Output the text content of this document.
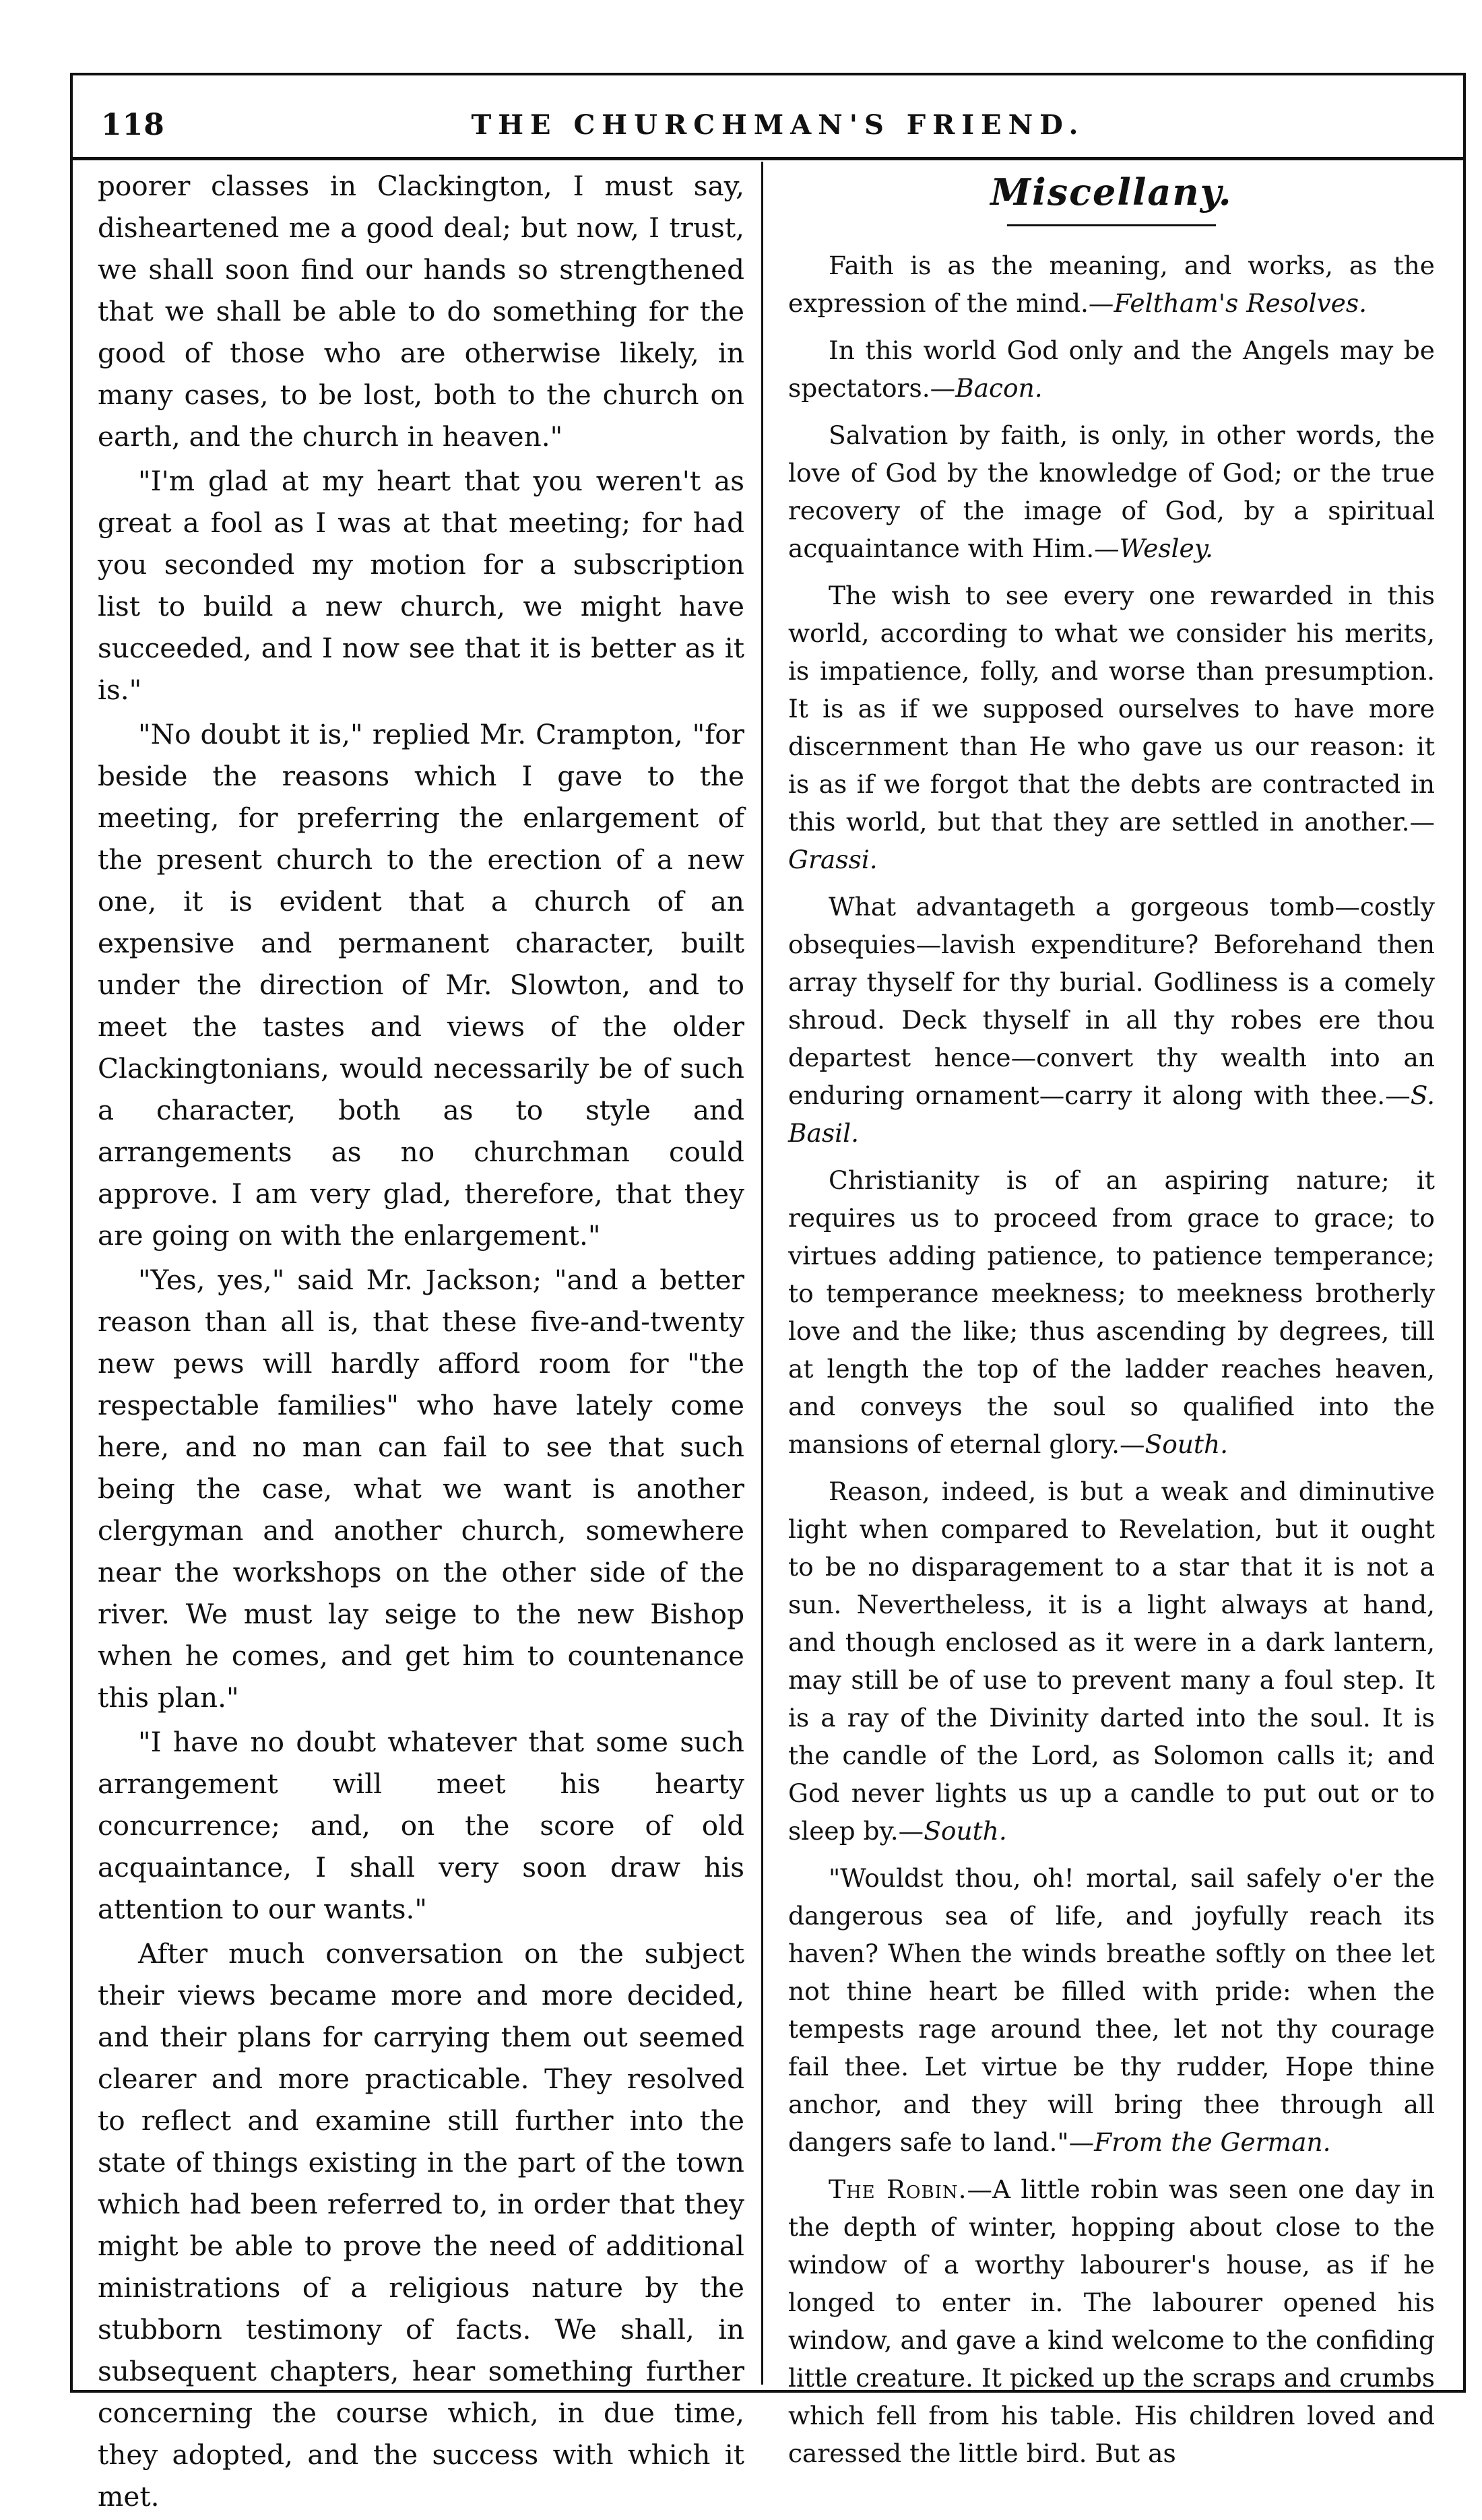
118	THE CHURCHMAN'S FRIEND.

poorer classes in Clackington, I must say, disheartened me a good deal; but now, I trust, we shall soon find our hands so strengthened that we shall be able to do something for the good of those who are otherwise likely, in many cases, to be lost, both to the church on earth, and the church in heaven."

"I'm glad at my heart that you weren't as great a fool as I was at that meeting; for had you seconded my motion for a subscription list to build a new church, we might have succeeded, and I now see that it is better as it is."

"No doubt it is," replied Mr. Crampton, "for beside the reasons which I gave to the meeting, for preferring the enlargement of the present church to the erection of a new one, it is evident that a church of an expensive and permanent character, built under the direction of Mr. Slowton, and to meet the tastes and views of the older Clackingtonians, would necessarily be of such a character, both as to style and arrangements as no churchman could approve. I am very glad, therefore, that they are going on with the enlargement."

"Yes, yes," said Mr. Jackson; "and a better reason than all is, that these five-and-twenty new pews will hardly afford room for "the respectable families" who have lately come here, and no man can fail to see that such being the case, what we want is another clergyman and another church, somewhere near the workshops on the other side of the river. We must lay seige to the new Bishop when he comes, and get him to countenance this plan."

"I have no doubt whatever that some such arrangement will meet his hearty concurrence; and, on the score of old acquaintance, I shall very soon draw his attention to our wants."

After much conversation on the subject their views became more and more decided, and their plans for carrying them out seemed clearer and more practicable. They resolved to reflect and examine still further into the state of things existing in the part of the town which had been referred to, in order that they might be able to prove the need of additional ministrations of a religious nature by the stubborn testimony of facts. We shall, in subsequent chapters, hear something further concerning the course which, in due time, they adopted, and the success with which it met.

Miscellany.

Faith is as the meaning, and works, as the expression of the mind.—Feltham's Resolves.

In this world God only and the Angels may be spectators.—Bacon.

Salvation by faith, is only, in other words, the love of God by the knowledge of God; or the true recovery of the image of God, by a spiritual acquaintance with Him.—Wesley.

The wish to see every one rewarded in this world, according to what we consider his merits, is impatience, folly, and worse than presumption. It is as if we supposed ourselves to have more discernment than He who gave us our reason: it is as if we forgot that the debts are contracted in this world, but that they are settled in another.—Grassi.

What advantageth a gorgeous tomb—costly obsequies—lavish expenditure? Beforehand then array thyself for thy burial. Godliness is a comely shroud. Deck thyself in all thy robes ere thou departest hence—convert thy wealth into an enduring ornament—carry it along with thee.—S. Basil.

Christianity is of an aspiring nature; it requires us to proceed from grace to grace; to virtues adding patience, to patience temperance; to temperance meekness; to meekness brotherly love and the like; thus ascending by degrees, till at length the top of the ladder reaches heaven, and conveys the soul so qualified into the mansions of eternal glory.—South.

Reason, indeed, is but a weak and diminutive light when compared to Revelation, but it ought to be no disparagement to a star that it is not a sun. Nevertheless, it is a light always at hand, and though enclosed as it were in a dark lantern, may still be of use to prevent many a foul step. It is a ray of the Divinity darted into the soul. It is the candle of the Lord, as Solomon calls it; and God never lights us up a candle to put out or to sleep by.—South.

"Wouldst thou, oh! mortal, sail safely o'er the dangerous sea of life, and joyfully reach its haven? When the winds breathe softly on thee let not thine heart be filled with pride: when the tempests rage around thee, let not thy courage fail thee. Let virtue be thy rudder, Hope thine anchor, and they will bring thee through all dangers safe to land."—From the German.

The Robin.—A little robin was seen one day in the depth of winter, hopping about close to the window of a worthy labourer's house, as if he longed to enter in. The labourer opened his window, and gave a kind welcome to the confiding little creature. It picked up the scraps and crumbs which fell from his table. His children loved and caressed the little bird. But as
